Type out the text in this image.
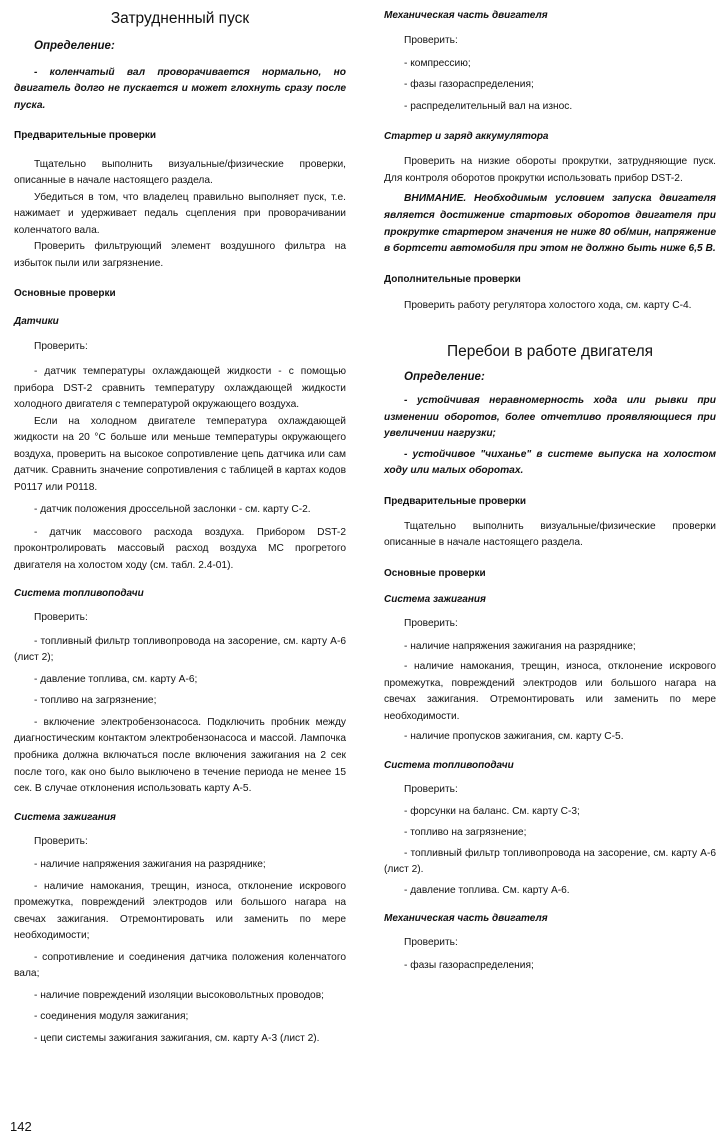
Затрудненный пуск

Определение:

- коленчатый вал проворачивается нормально, но двигатель долго не пускается и может глохнуть сразу после пуска.

Предварительные проверки

Тщательно выполнить визуальные/физические проверки, описанные в начале настоящего раздела.

Убедиться в том, что владелец правильно выполняет пуск, т.е. нажимает и удерживает педаль сцепления при проворачивании коленчатого вала.

Проверить фильтрующий элемент воздушного фильтра на избыток пыли или загрязнение.

Основные проверки

Датчики

Проверить:

- датчик температуры охлаждающей жидкости - с помощью прибора DST-2 сравнить температуру охлаждающей жидкости холодного двигателя с температурой окружающего воздуха.

Если на холодном двигателе температура охлаждающей жидкости на 20 °С больше или меньше температуры окружающего воздуха, проверить на высокое сопротивление цепь датчика или сам датчик. Сравнить значение сопротивления с таблицей в картах кодов Р0117 или Р0118.

- датчик положения дроссельной заслонки - см. карту С-2.

- датчик массового расхода воздуха. Прибором DST-2 проконтролировать массовый расход воздуха МС прогретого двигателя на холостом ходу (см. табл. 2.4-01).

Система топливоподачи

Проверить:

- топливный фильтр топливопровода на засорение, см. карту А-6 (лист 2);

- давление топлива, см. карту А-6;

- топливо на загрязнение;

- включение электробензонасоса. Подключить пробник между диагностическим контактом электробензонасоса и массой. Лампочка пробника должна включаться после включения зажигания на 2 сек после того, как оно было выключено в течение периода не менее 15 сек. В случае отклонения использовать карту А-5.

Система зажигания

Проверить:

- наличие напряжения зажигания на разряднике;

- наличие намокания, трещин, износа, отклонение искрового промежутка, повреждений электродов или большого нагара на свечах зажигания. Отремонтировать или заменить по мере необходимости;

- сопротивление и соединения датчика положения коленчатого вала;

- наличие повреждений изоляции высоковольтных проводов;

- соединения модуля зажигания;

- цепи системы зажигания зажигания, см. карту А-3 (лист 2).

Механическая часть двигателя

Проверить:

- компрессию;

- фазы газораспределения;

- распределительный вал на износ.

Стартер и заряд аккумулятора

Проверить на низкие обороты прокрутки, затрудняющие пуск. Для контроля оборотов прокрутки использовать прибор DST-2.

ВНИМАНИЕ. Необходимым условием запуска двигателя является достижение стартовых оборотов двигателя при прокрутке стартером значения не ниже 80 об/мин, напряжение в бортсети автомобиля при этом не должно быть ниже 6,5 В.

Дополнительные проверки

Проверить работу регулятора холостого хода, см. карту С-4.

Перебои в работе двигателя

Определение:

- устойчивая неравномерность хода или рывки при изменении оборотов, более отчетливо проявляющиеся при увеличении нагрузки;

- устойчивое "чиханье" в системе выпуска на холостом ходу или малых оборотах.

Предварительные проверки

Тщательно выполнить визуальные/физические проверки описанные в начале настоящего раздела.

Основные проверки

Система зажигания

Проверить:

- наличие напряжения зажигания на разряднике;

- наличие намокания, трещин, износа, отклонение искрового промежутка, повреждений электродов или большого нагара на свечах зажигания. Отремонтировать или заменить по мере необходимости.

- наличие пропусков зажигания, см. карту С-5.

Система топливоподачи

Проверить:

- форсунки на баланс. См. карту С-3;

- топливо на загрязнение;

- топливный фильтр топливопровода на засорение, см. карту А-6 (лист 2).

- давление топлива. См. карту А-6.

Механическая часть двигателя

Проверить:

- фазы газораспределения;

142
